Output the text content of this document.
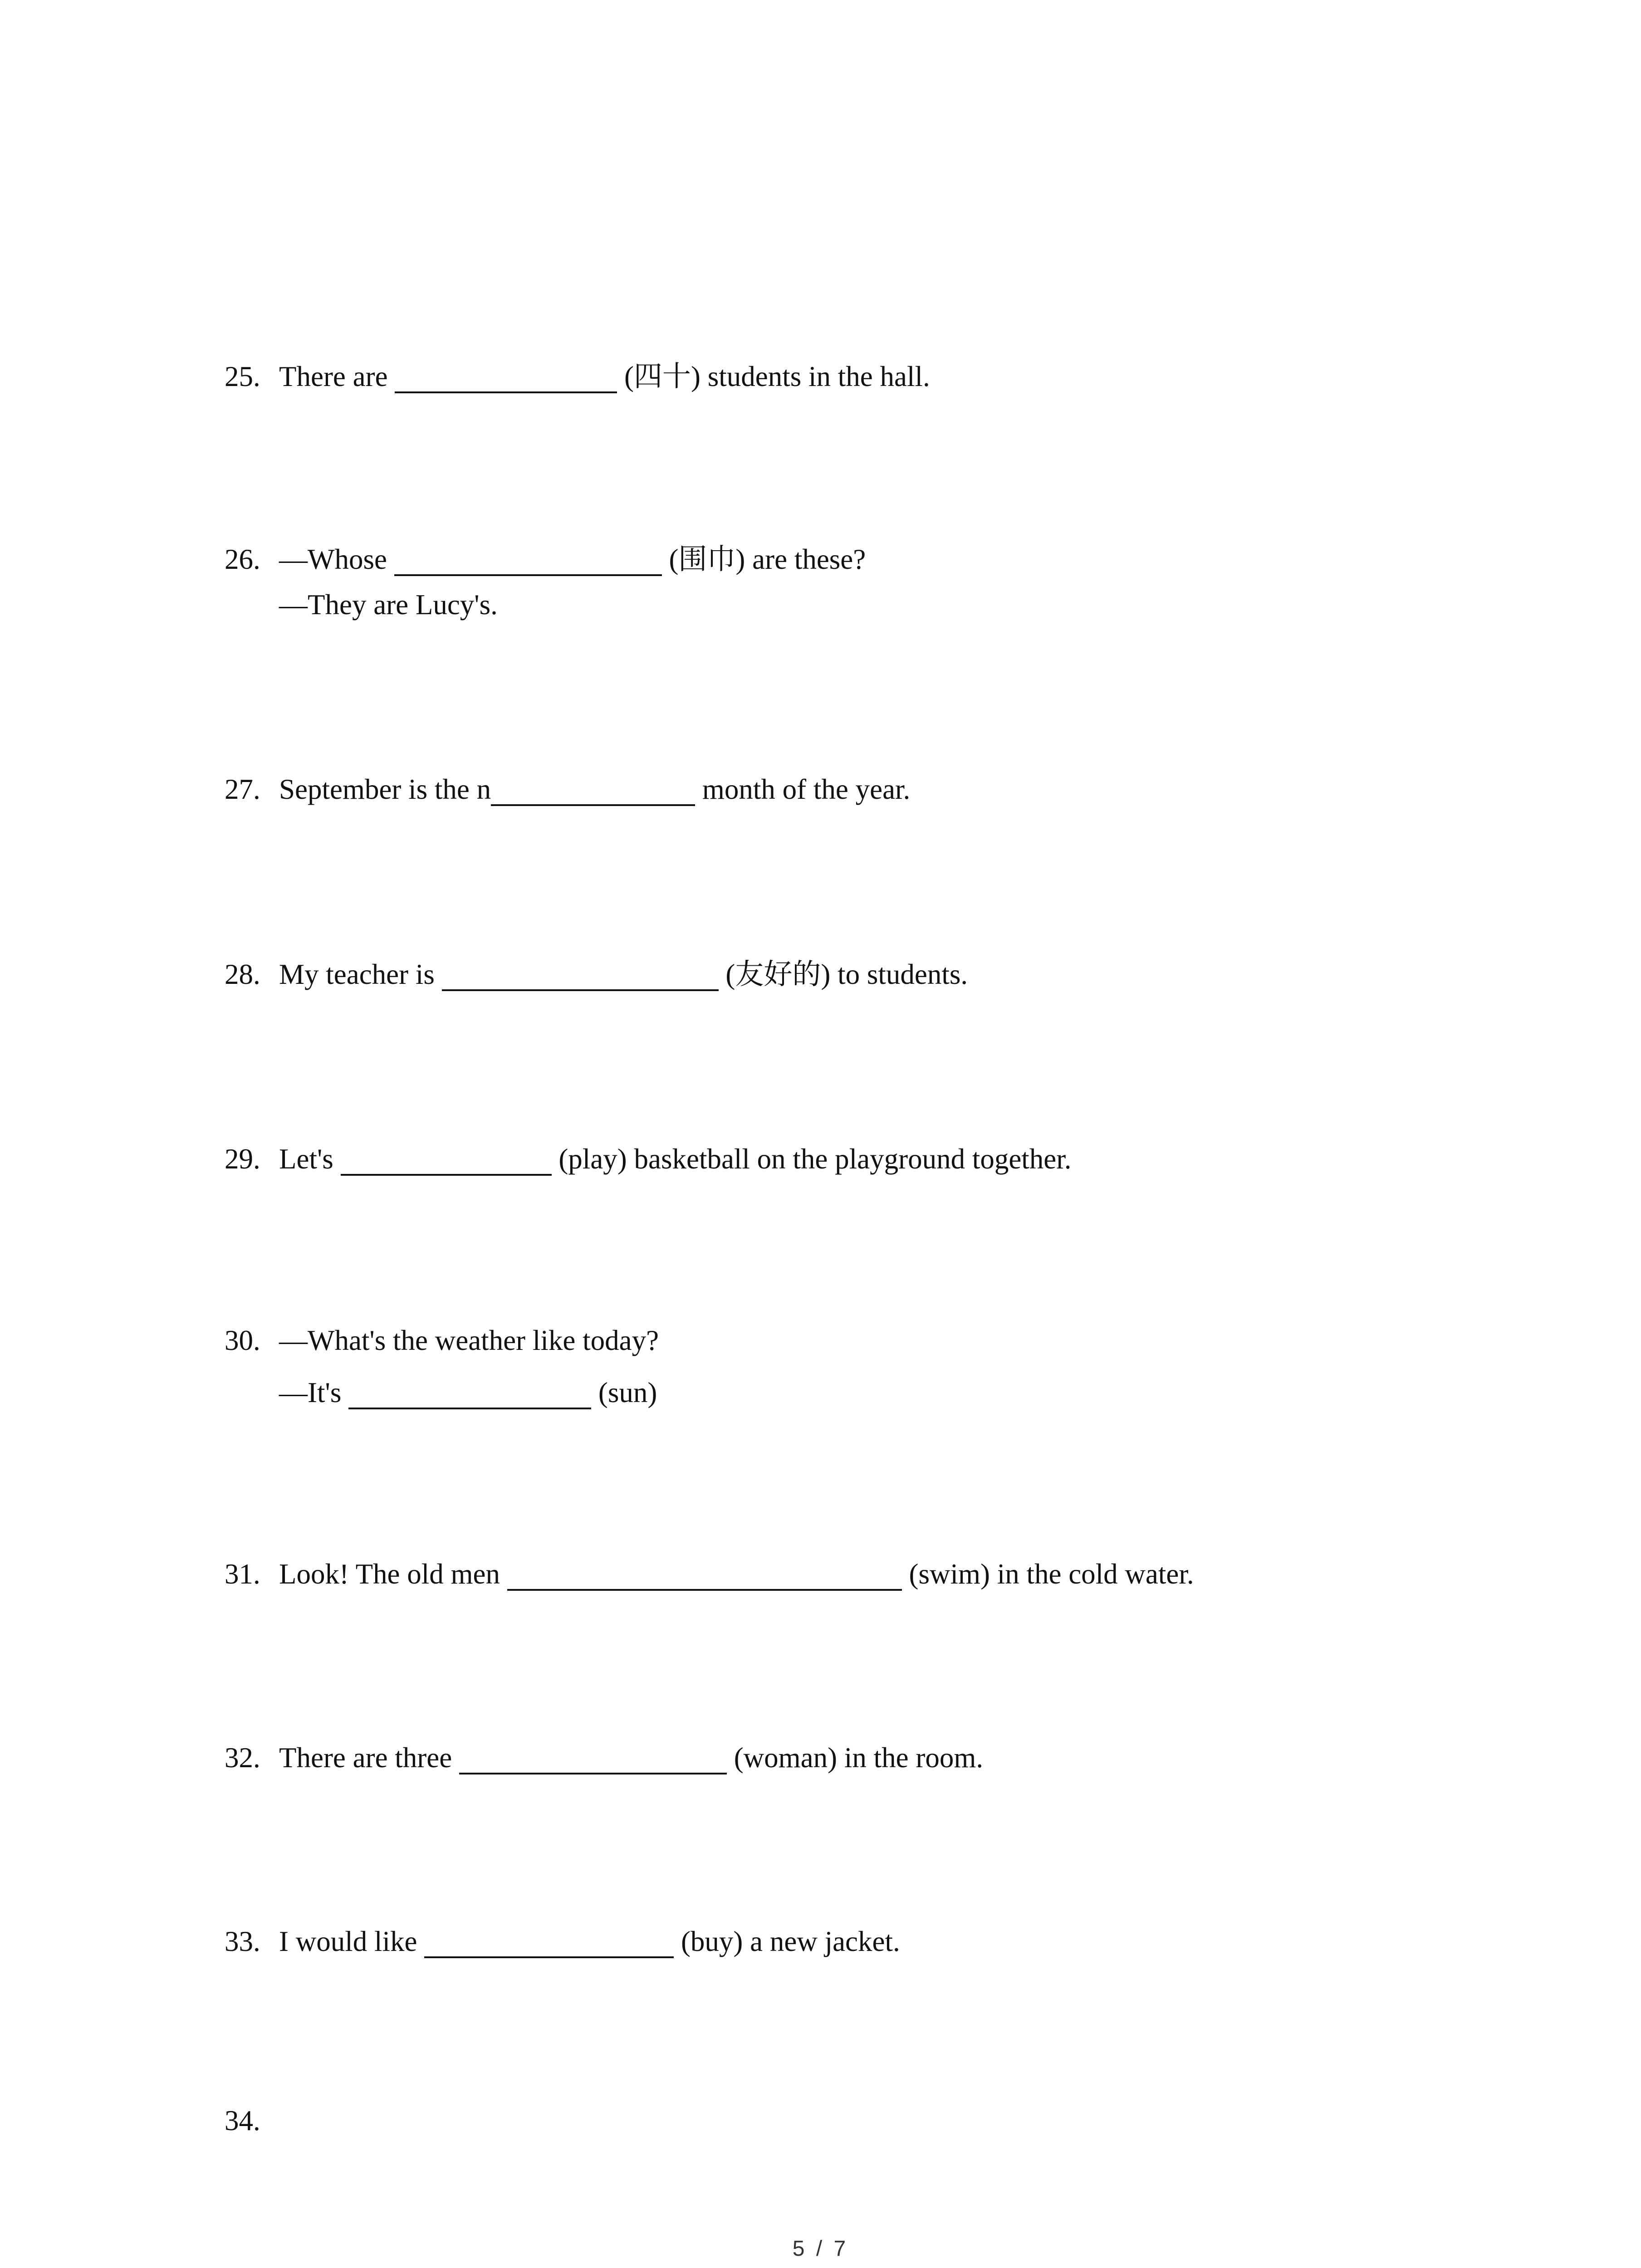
25. There are	(四十) students in the hall.
26. —Whose	(围巾) are these?
—They are Lucy's.
27. September is the n	month of the year.
28. My teacher is	(友好的) to students.
29. Let's	(play) basketball on the playground together.
30. —What's the weather like today?
—It's	(sun)
31. Look! The old men	(swim) in the cold water.
32. There are three	(woman) in the room.
33. I would like	(buy) a new jacket.
34.
5 / 7
